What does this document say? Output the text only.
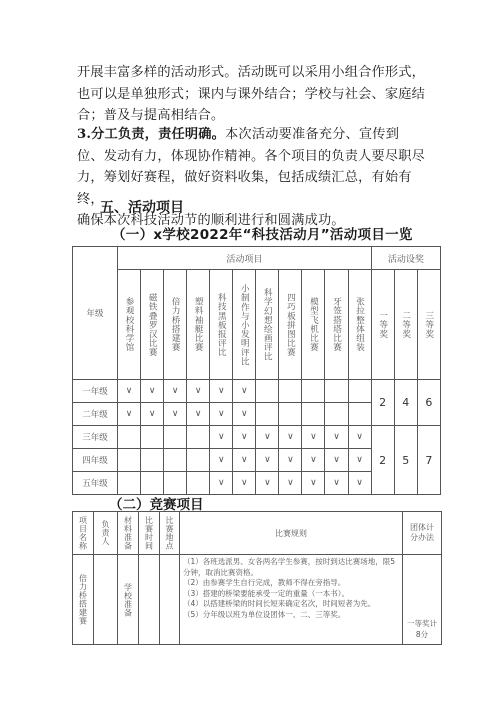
开展丰富多样的活动形式。活动既可以采用小组合作形式，
也可以是单独形式；课内与课外结合；学校与社会、家庭结
合；普及与提高相结合。
3.分工负责，责任明确。本次活动要准备充分、宣传到
位、发动有力，体现协作精神。各个项目的负责人要尽职尽
力，筹划好赛程，做好资料收集，包括成绩汇总，有始有终，
确保本次科技活动节的顺利进行和圆满成功。
五、活动项目
（一）x学校2022年“科技活动月”活动项目一览
年级	活动项目											活动设奖		

	参观校科学馆	磁铁叠罗汉比赛	倍力桥搭建赛	塑料袖艇比赛	科技黑板报评比	小制作与小发明评比	科学幻想绘画评比	四巧板拼图比赛	模型飞机比赛	牙签搭塔比赛	张拉整体组装	一等奖	二等奖	三等奖

一年级	∨	∨	∨	∨	∨	∨						2	4	6
二年级	∨	∨	∨	∨	∨	∨								
三年级					∨	∨	∨	∨	∨	∨	∨	2	5	7
四年级					∨	∨	∨	∨	∨	∨	∨			
五年级					∨	∨	∨	∨	∨	∨	∨			
（二）竞赛项目
项目名称	负责人	材料准备	比赛时间	比赛地点	比赛规则	团体计分办法

倍力桥搭建赛		学校准备			（1）各班选派男、女各两名学生参赛，按时到达比赛场地，限5分钟，取消比赛资格。
（2）由参赛学生自行完成，教师不得在旁指导。
（3）搭建的桥梁要能承受一定的重量（一本书）。
（4）以搭建桥梁的时间长短来确定名次，时间短者为先。
（5）分年级以班为单位设团体一、二、三等奖。	一等奖计8分
